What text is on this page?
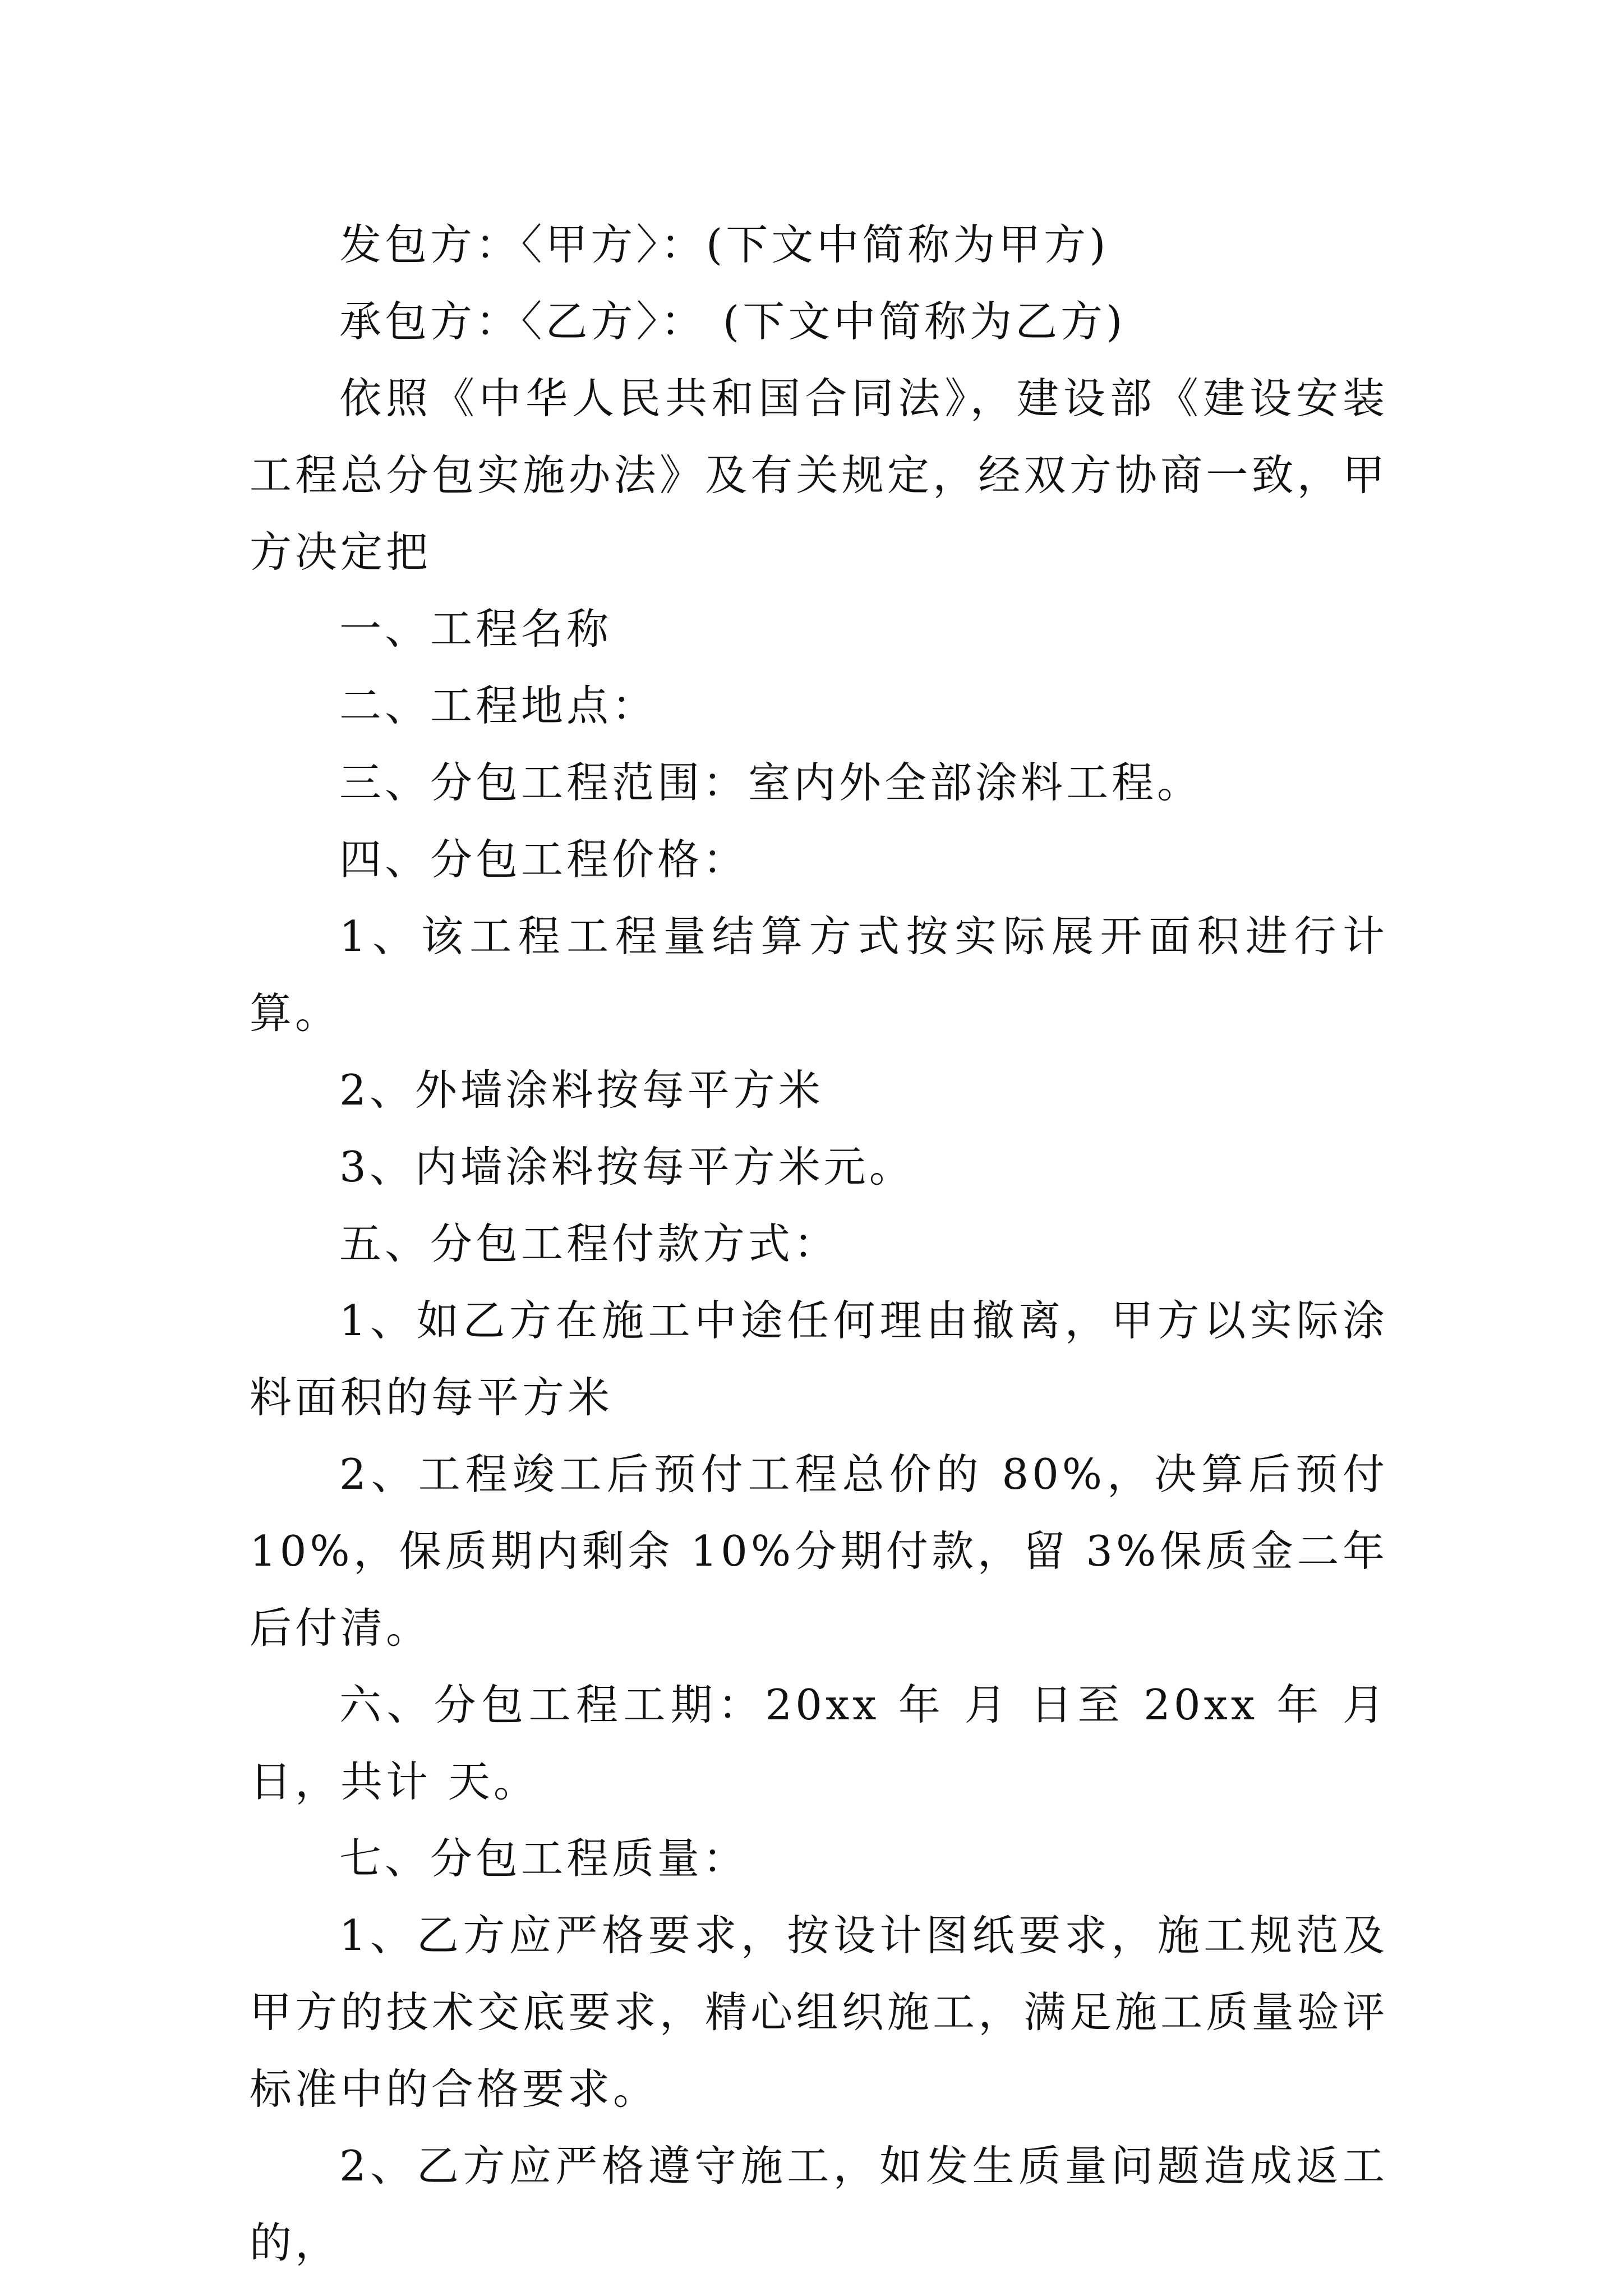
发包方：〈甲方〉：(下文中简称为甲方)

承包方：〈乙方〉： (下文中简称为乙方)

依照《中华人民共和国合同法》，建设部《建设安装工程总分包实施办法》及有关规定，经双方协商一致，甲方决定把

一、工程名称

二、工程地点：

三、分包工程范围：室内外全部涂料工程。

四、分包工程价格：

1、该工程工程量结算方式按实际展开面积进行计算。

2、外墙涂料按每平方米

3、内墙涂料按每平方米元。

五、分包工程付款方式：

1、如乙方在施工中途任何理由撤离，甲方以实际涂料面积的每平方米

2、工程竣工后预付工程总价的 80%，决算后预付 10%，保质期内剩余 10%分期付款，留 3%保质金二年后付清。

六、分包工程工期：20xx 年 月 日至 20xx 年 月 日，共计 天。

七、分包工程质量：

1、乙方应严格要求，按设计图纸要求，施工规范及甲方的技术交底要求，精心组织施工，满足施工质量验评标准中的合格要求。

2、乙方应严格遵守施工，如发生质量问题造成返工的，
